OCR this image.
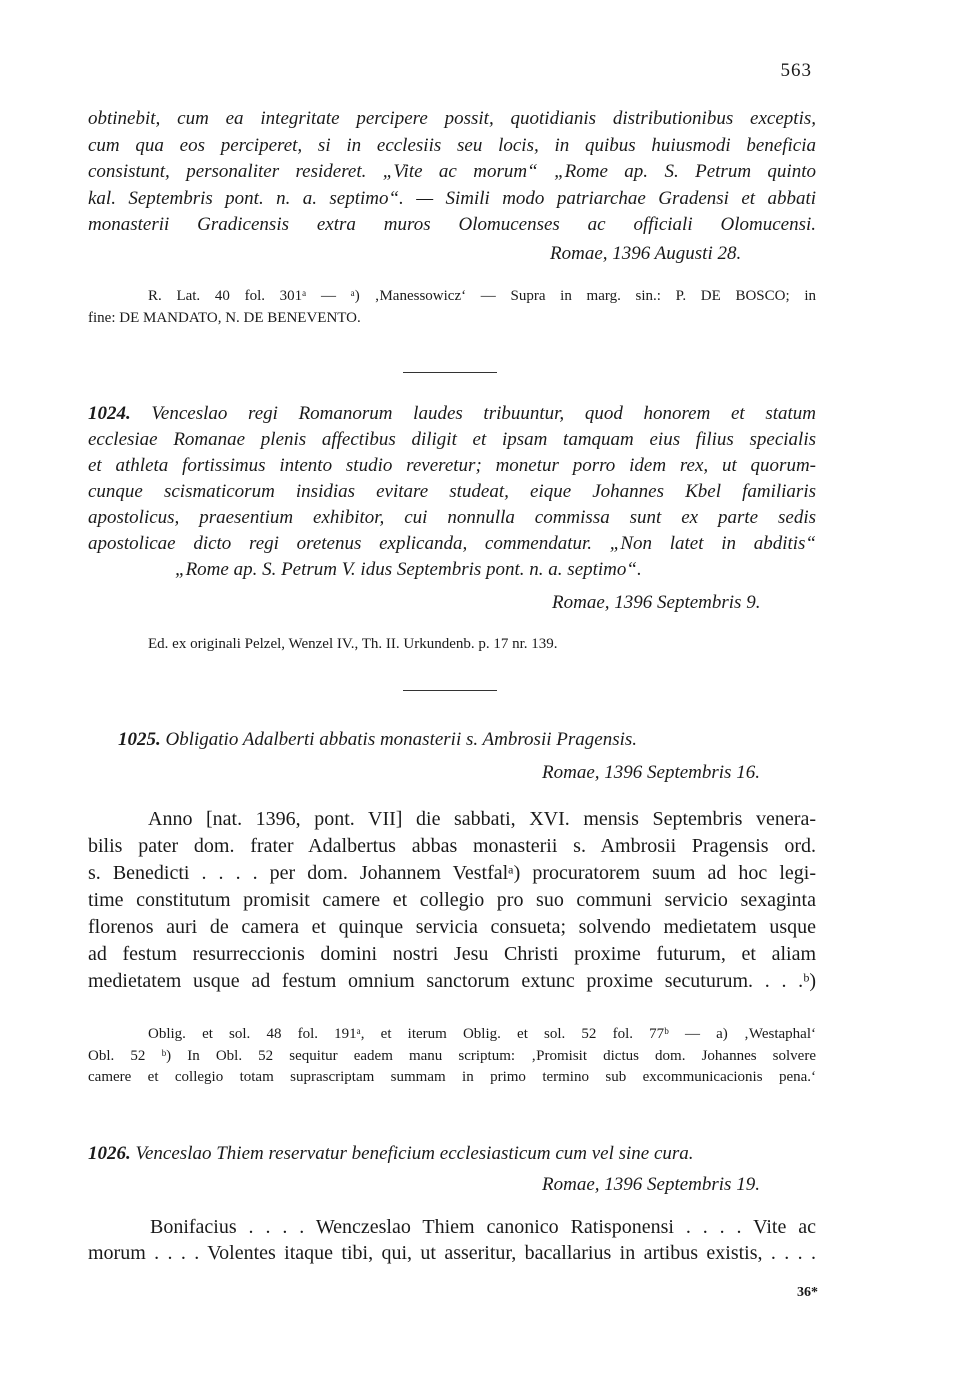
563
obtinebit, cum ea integritate percipere possit, quotidianis distributionibus exceptis,
cum qua eos perciperet, si in ecclesiis seu locis, in quibus huiusmodi beneficia
consistunt, personaliter resideret. „Vite ac morum“ „Rome ap. S. Petrum quinto
kal. Septembris pont. n. a. septimo“. — Simili modo patriarchae Gradensi et abbati
monasterii Gradicensis extra muros Olomucenses ac officiali Olomucensi.
Romae, 1396 Augusti 28.
R. Lat. 40 fol. 301ᵃ — ᵃ) ‚Manessowicz‘ — Supra in marg. sin.: P. DE BOSCO; in
fine: DE MANDATO, N. DE BENEVENTO.
1024. Venceslao regi Romanorum laudes tribuuntur, quod honorem et statum
ecclesiae Romanae plenis affectibus diligit et ipsam tamquam eius filius specialis
et athleta fortissimus intento studio reveretur; monetur porro idem rex, ut quorum-
cunque scismaticorum insidias evitare studeat, eique Johannes Kbel familiaris
apostolicus, praesentium exhibitor, cui nonnulla commissa sunt ex parte sedis
apostolicae dicto regi oretenus explicanda, commendatur. „Non latet in abditis“
„Rome ap. S. Petrum V. idus Septembris pont. n. a. septimo“.
Romae, 1396 Septembris 9.
Ed. ex originali Pelzel, Wenzel IV., Th. II. Urkundenb. p. 17 nr. 139.
1025. Obligatio Adalberti abbatis monasterii s. Ambrosii Pragensis.
Romae, 1396 Septembris 16.
Anno [nat. 1396, pont. VII] die sabbati, XVI. mensis Septembris venera-
bilis pater dom. frater Adalbertus abbas monasterii s. Ambrosii Pragensis ord.
s. Benedicti . . . . per dom. Johannem Vestfalᵃ) procuratorem suum ad hoc legi-
time constitutum promisit camere et collegio pro suo communi servicio sexaginta
florenos auri de camera et quinque servicia consueta; solvendo medietatem usque
ad festum resurreccionis domini nostri Jesu Christi proxime futurum, et aliam
medietatem usque ad festum omnium sanctorum extunc proxime secuturum. . . .ᵇ)
Oblig. et sol. 48 fol. 191ᵃ, et iterum Oblig. et sol. 52 fol. 77ᵇ — a) ‚Westaphal‘
Obl. 52 ᵇ) In Obl. 52 sequitur eadem manu scriptum: ‚Promisit dictus dom. Johannes solvere
camere et collegio totam suprascriptam summam in primo termino sub excommunicacionis pena.‘
1026. Venceslao Thiem reservatur beneficium ecclesiasticum cum vel sine cura.
Romae, 1396 Septembris 19.
Bonifacius . . . . Wenczeslao Thiem canonico Ratisponensi . . . . Vite ac
morum . . . . Volentes itaque tibi, qui, ut asseritur, bacallarius in artibus existis, . . . .
36*
